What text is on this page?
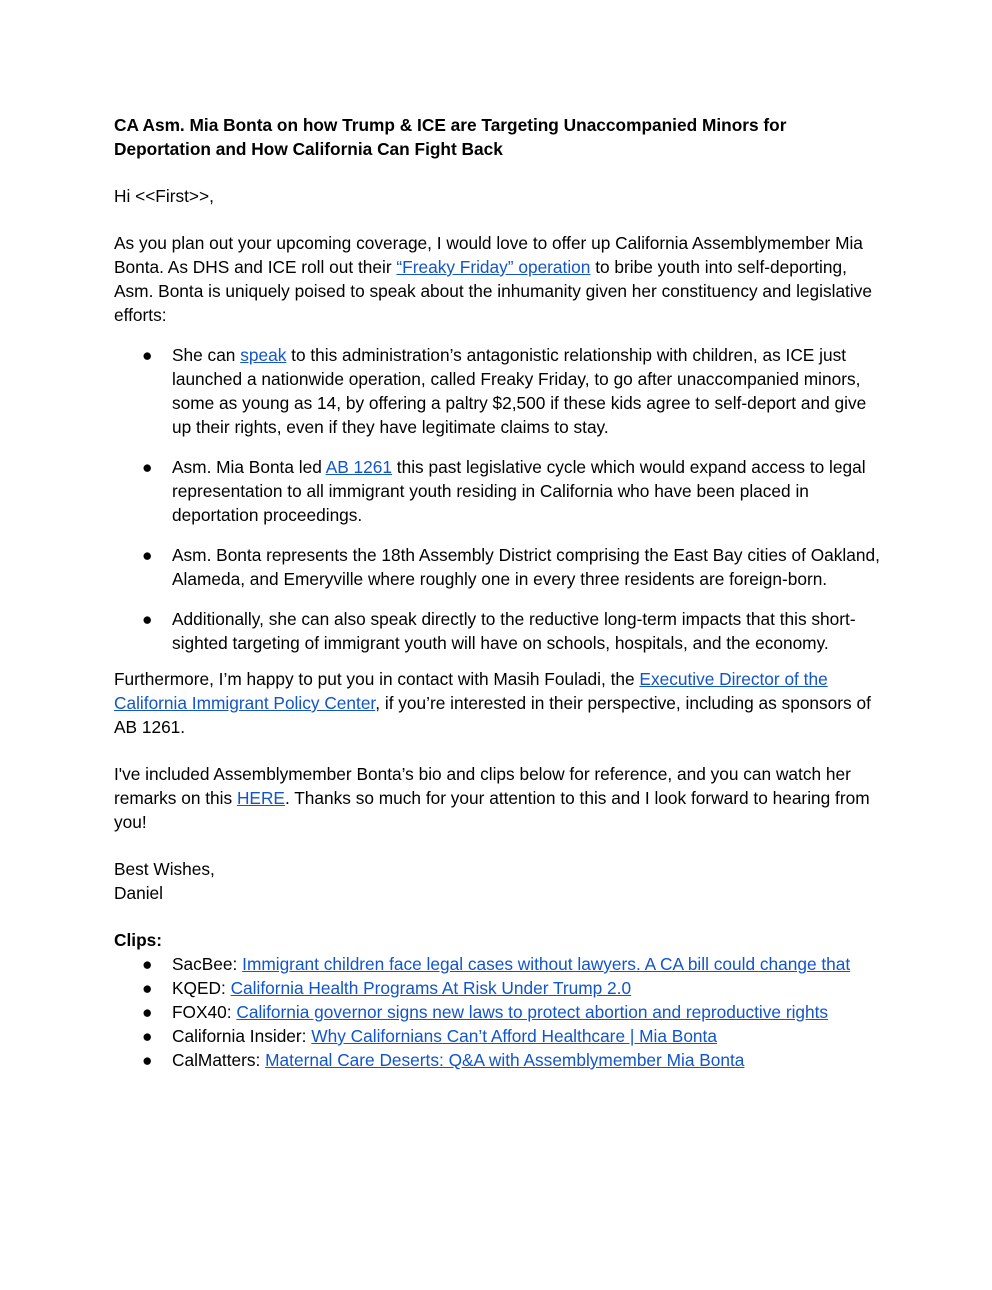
CA Asm. Mia Bonta on how Trump & ICE are Targeting Unaccompanied Minors for Deportation and How California Can Fight Back

Hi <<First>>,

As you plan out your upcoming coverage, I would love to offer up California Assemblymember Mia Bonta. As DHS and ICE roll out their “Freaky Friday” operation to bribe youth into self-deporting, Asm. Bonta is uniquely poised to speak about the inhumanity given her constituency and legislative efforts:

● She can speak to this administration’s antagonistic relationship with children, as ICE just launched a nationwide operation, called Freaky Friday, to go after unaccompanied minors, some as young as 14, by offering a paltry $2,500 if these kids agree to self-deport and give up their rights, even if they have legitimate claims to stay.
● Asm. Mia Bonta led AB 1261 this past legislative cycle which would expand access to legal representation to all immigrant youth residing in California who have been placed in deportation proceedings.
● Asm. Bonta represents the 18th Assembly District comprising the East Bay cities of Oakland, Alameda, and Emeryville where roughly one in every three residents are foreign-born.
● Additionally, she can also speak directly to the reductive long-term impacts that this short-sighted targeting of immigrant youth will have on schools, hospitals, and the economy.

Furthermore, I’m happy to put you in contact with Masih Fouladi, the Executive Director of the California Immigrant Policy Center, if you’re interested in their perspective, including as sponsors of AB 1261.

I've included Assemblymember Bonta’s bio and clips below for reference, and you can watch her remarks on this HERE. Thanks so much for your attention to this and I look forward to hearing from you!

Best Wishes,

Daniel

Clips:

● SacBee: Immigrant children face legal cases without lawyers. A CA bill could change that
● KQED: California Health Programs At Risk Under Trump 2.0
● FOX40: California governor signs new laws to protect abortion and reproductive rights
● California Insider: Why Californians Can’t Afford Healthcare | Mia Bonta
● CalMatters: Maternal Care Deserts: Q&A with Assemblymember Mia Bonta
